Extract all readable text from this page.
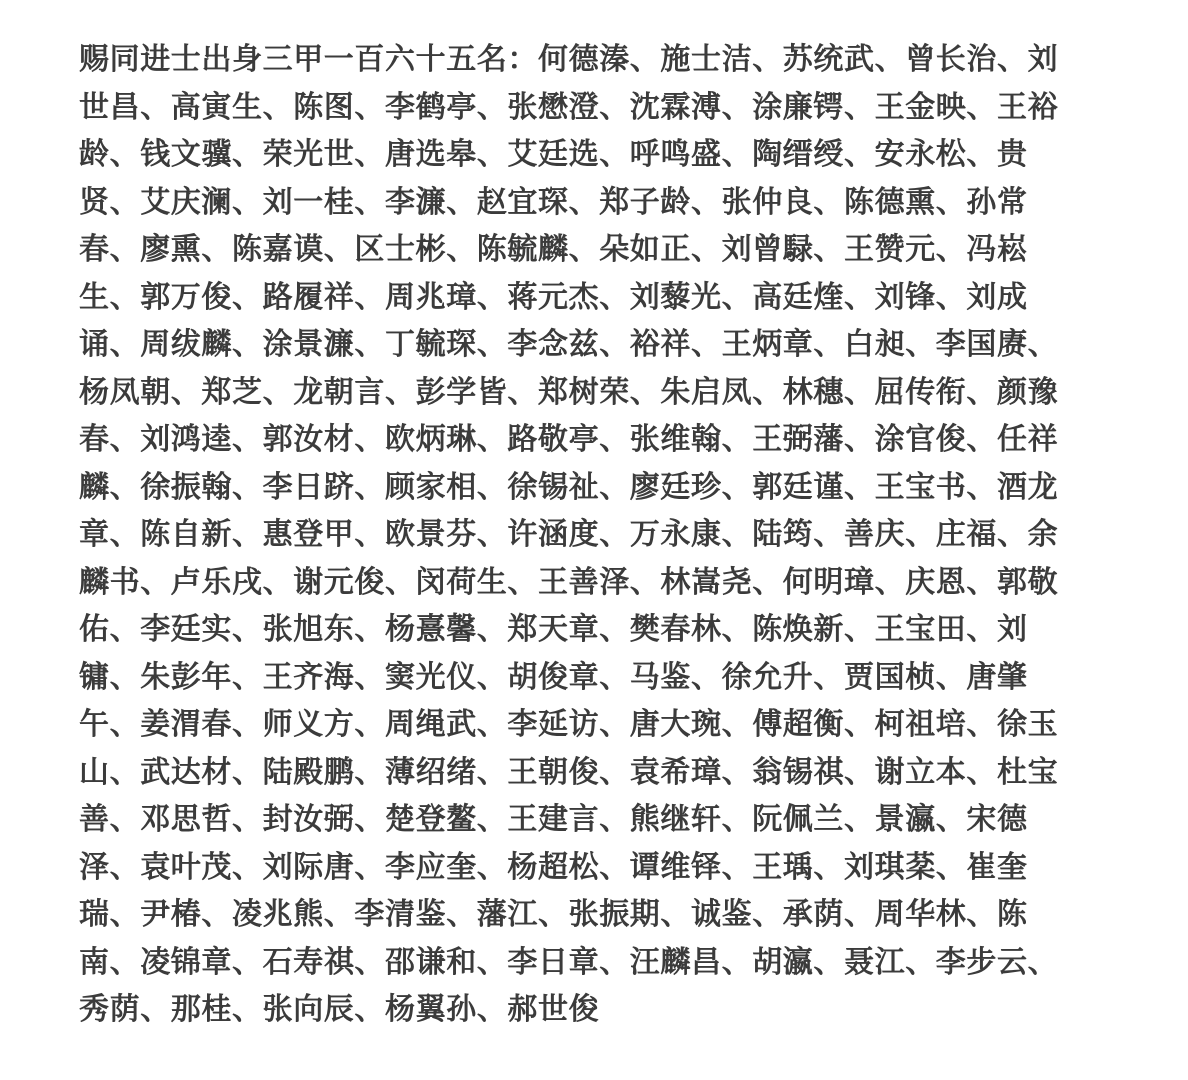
赐同进士出身三甲一百六十五名：何德溱、施士洁、苏统武、曾长治、刘
世昌、高寅生、陈图、李鹤亭、张懋澄、沈霖溥、涂廉锷、王金映、王裕
龄、钱文骥、荣光世、唐选皋、艾廷选、呼鸣盛、陶缙绶、安永松、贵
贤、艾庆澜、刘一桂、李濂、赵宜琛、郑子龄、张仲良、陈德熏、孙常
春、廖熏、陈嘉谟、区士彬、陈毓麟、朵如正、刘曾騄、王赞元、冯崧
生、郭万俊、路履祥、周兆璋、蒋元杰、刘藜光、高廷煃、刘锋、刘成
诵、周绂麟、涂景濂、丁毓琛、李念兹、裕祥、王炳章、白昶、李国赓、
杨凤朝、郑芝、龙朝言、彭学皆、郑树荣、朱启凤、林穗、屈传衔、颜豫
春、刘鸿逵、郭汝材、欧炳琳、路敬亭、张维翰、王弼藩、涂官俊、任祥
麟、徐振翰、李日跻、顾家相、徐锡祉、廖廷珍、郭廷谨、王宝书、酒龙
章、陈自新、惠登甲、欧景芬、许涵度、万永康、陆筠、善庆、庄福、余
麟书、卢乐戌、谢元俊、闵荷生、王善泽、林嵩尧、何明璋、庆恩、郭敬
佑、李廷实、张旭东、杨憙馨、郑天章、樊春林、陈焕新、王宝田、刘
镛、朱彭年、王齐海、窦光仪、胡俊章、马鉴、徐允升、贾国桢、唐肇
午、姜渭春、师义方、周绳武、李延访、唐大琬、傅超衡、柯祖培、徐玉
山、武达材、陆殿鹏、薄绍绪、王朝俊、袁希璋、翁锡祺、谢立本、杜宝
善、邓思哲、封汝弼、楚登鳌、王建言、熊继轩、阮佩兰、景瀛、宋德
泽、袁叶茂、刘际唐、李应奎、杨超松、谭维铎、王瑀、刘琪棻、崔奎
瑞、尹椿、凌兆熊、李清鉴、藩江、张振期、诚鉴、承荫、周华林、陈
南、凌锦章、石寿祺、邵谦和、李日章、汪麟昌、胡瀛、聂江、李步云、
秀荫、那桂、张向辰、杨翼孙、郝世俊
